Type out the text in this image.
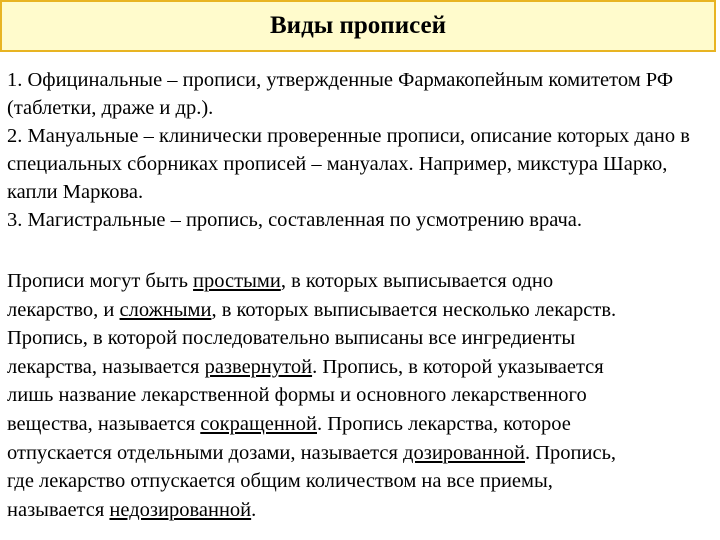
Виды прописей

1. Официнальные – прописи, утвержденные Фармакопейным комитетом РФ (таблетки, драже и др.).

2. Мануальные – клинически проверенные прописи, описание которых дано в специальных сборниках прописей – мануалах. Например, микстура Шарко, капли Маркова.

3. Магистральные – пропись, составленная по усмотрению врача.

Прописи могут быть простыми, в которых выписывается одно
лекарство, и сложными, в которых выписывается несколько лекарств.
Пропись, в которой последовательно выписаны все ингредиенты
лекарства, называется развернутой. Пропись, в которой указывается
лишь название лекарственной формы и основного лекарственного
вещества, называется сокращенной. Пропись лекарства, которое
отпускается отдельными дозами, называется дозированной. Пропись,
где лекарство отпускается общим количеством на все приемы,
называется недозированной.
